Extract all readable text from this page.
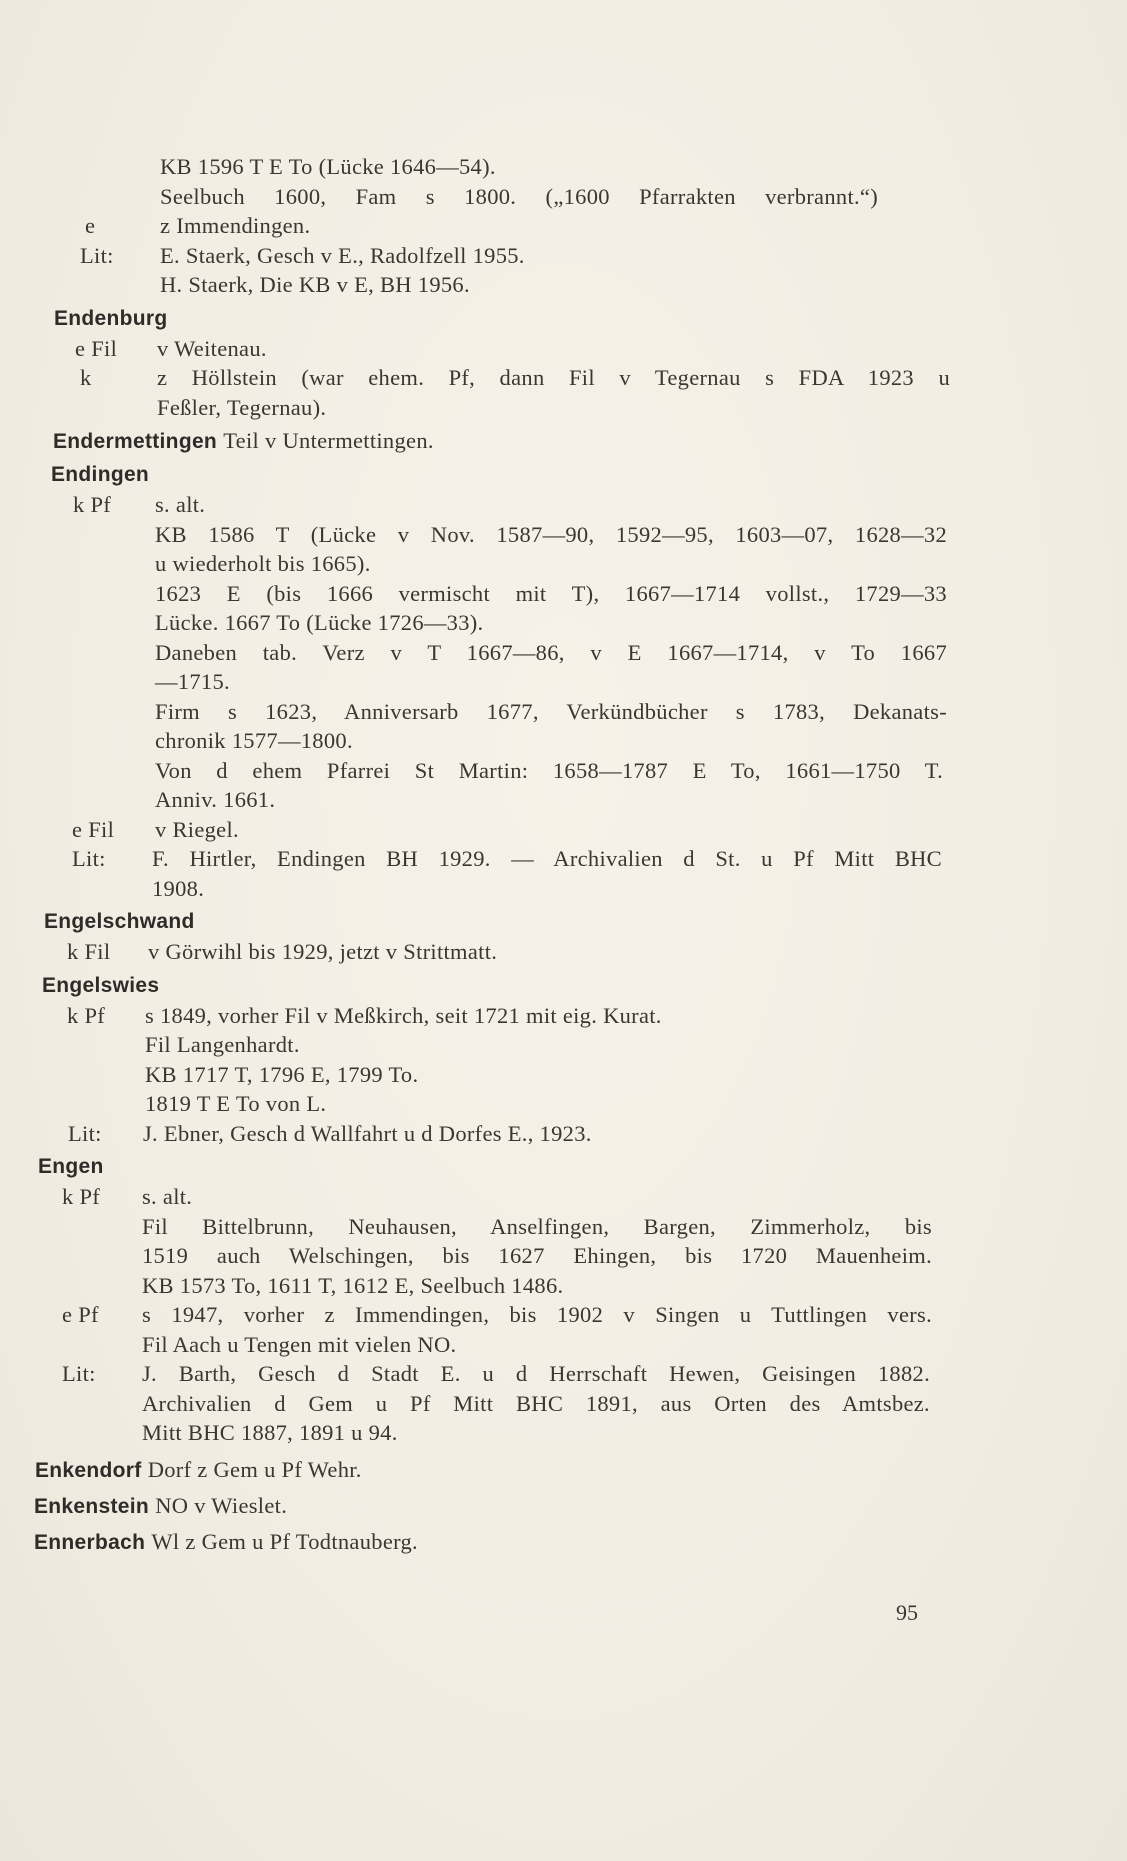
KB 1596 T E To (Lücke 1646—54).
Seelbuch 1600, Fam s 1800. („1600 Pfarrakten verbrannt.“)
e	z Immendingen.
Lit: E. Staerk, Gesch v E., Radolfzell 1955.
H. Staerk, Die KB v E, BH 1956.
Endenburg
e Fil v Weitenau.
k	z Höllstein (war ehem. Pf, dann Fil v Tegernau s FDA 1923 u
Feßler, Tegernau).
Endermettingen Teil v Untermettingen.
Endingen
k Pf s. alt.
KB 1586 T (Lücke v Nov. 1587—90, 1592—95, 1603—07, 1628—32
u wiederholt bis 1665).
1623 E (bis 1666 vermischt mit T), 1667—1714 vollst., 1729—33
Lücke. 1667 To (Lücke 1726—33).
Daneben tab. Verz v T 1667—86, v E 1667—1714, v To 1667
—1715.
Firm s 1623, Anniversarb 1677, Verkündbücher s 1783, Dekanats-
chronik 1577—1800.
Von d ehem Pfarrei St Martin: 1658—1787 E To, 1661—1750 T.
Anniv. 1661.
e Fil v Riegel.
Lit: F. Hirtler, Endingen BH 1929. — Archivalien d St. u Pf Mitt BHC
1908.
Engelschwand
k Fil v Görwihl bis 1929, jetzt v Strittmatt.
Engelswies
k Pf s 1849, vorher Fil v Meßkirch, seit 1721 mit eig. Kurat.
Fil Langenhardt.
KB 1717 T, 1796 E, 1799 To.
1819 T E To von L.
Lit: J. Ebner, Gesch d Wallfahrt u d Dorfes E., 1923.
Engen
k Pf s. alt.
Fil Bittelbrunn, Neuhausen, Anselfingen, Bargen, Zimmerholz, bis
1519 auch Welschingen, bis 1627 Ehingen, bis 1720 Mauenheim.
KB 1573 To, 1611 T, 1612 E, Seelbuch 1486.
e Pf s 1947, vorher z Immendingen, bis 1902 v Singen u Tuttlingen vers.
Fil Aach u Tengen mit vielen NO.
Lit: J. Barth, Gesch d Stadt E. u d Herrschaft Hewen, Geisingen 1882.
Archivalien d Gem u Pf Mitt BHC 1891, aus Orten des Amtsbez.
Mitt BHC 1887, 1891 u 94.
Enkendorf Dorf z Gem u Pf Wehr.
Enkenstein NO v Wieslet.
Ennerbach Wl z Gem u Pf Todtnauberg.
95
